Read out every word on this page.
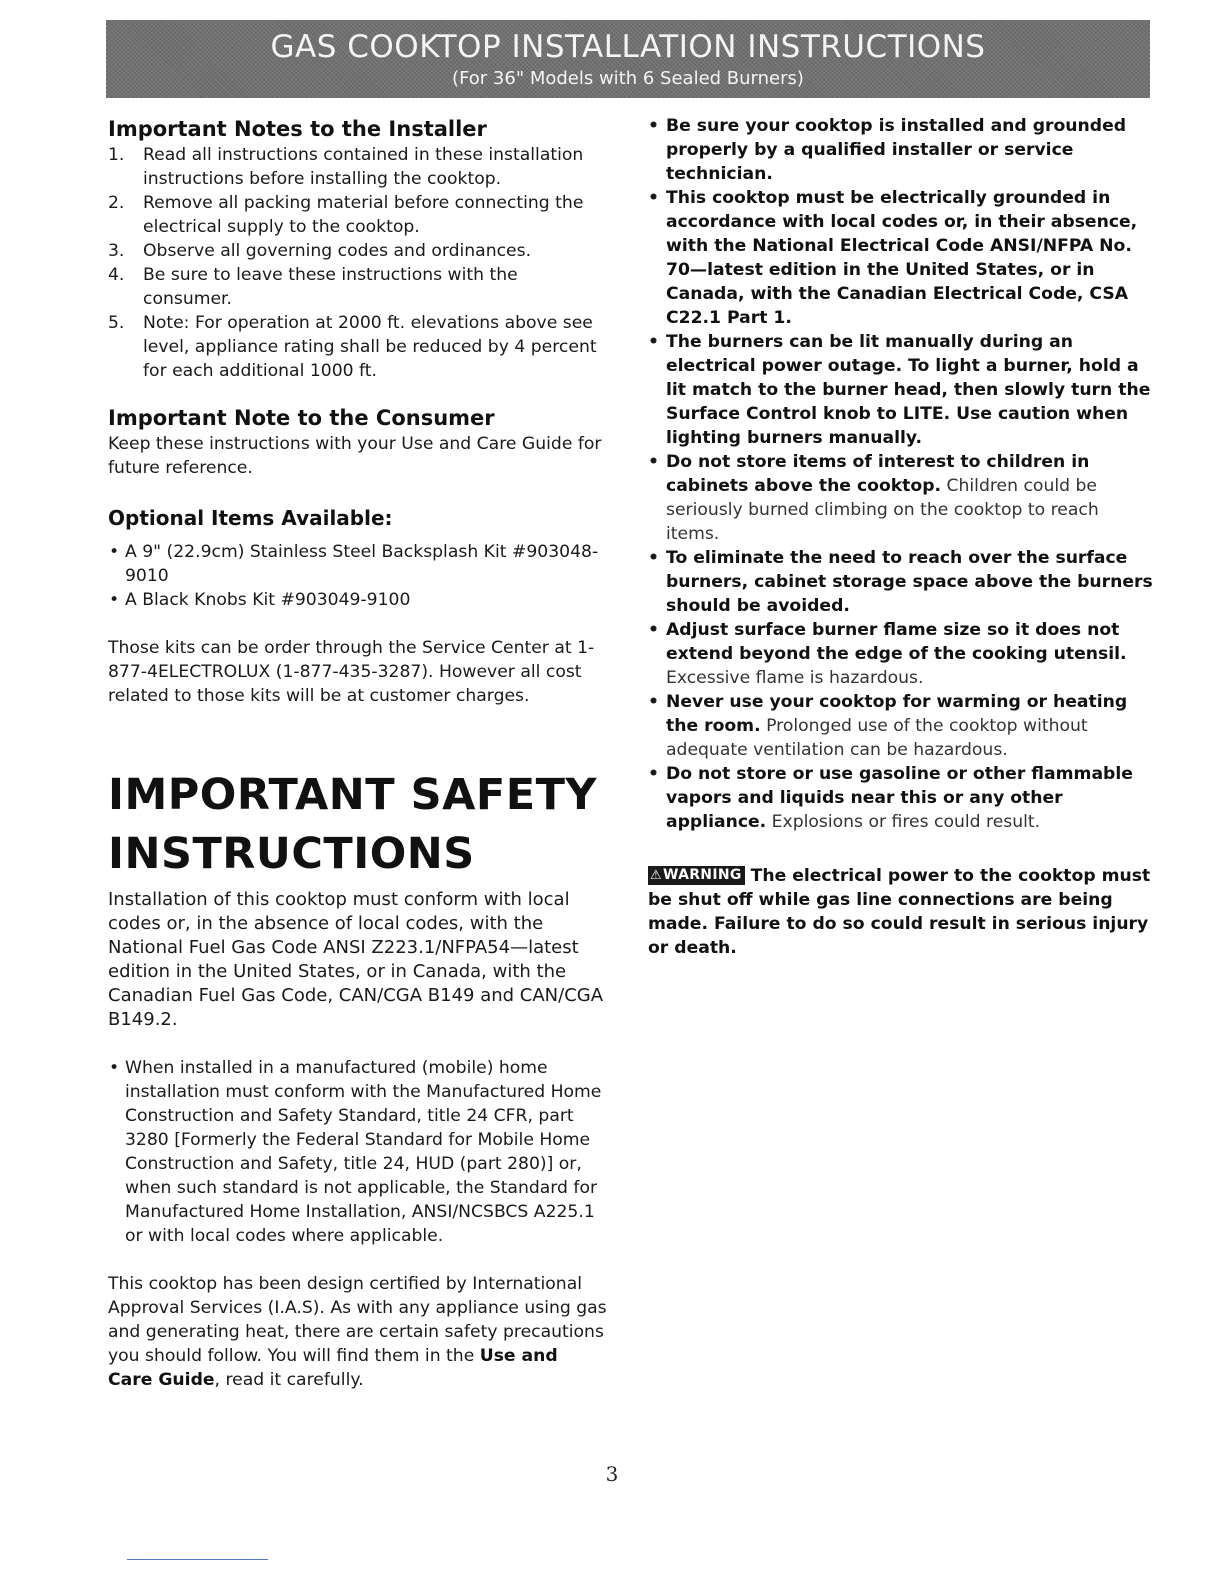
GAS COOKTOP INSTALLATION INSTRUCTIONS
(For 36" Models with 6 Sealed Burners)
Important Notes to the Installer
1. Read all instructions contained in these installation instructions before installing the cooktop.
2. Remove all packing material before connecting the electrical supply to the cooktop.
3. Observe all governing codes and ordinances.
4. Be sure to leave these instructions with the consumer.
5. Note: For operation at 2000 ft. elevations above see level, appliance rating shall be reduced by 4 percent for each additional 1000 ft.
Important Note to the Consumer

Keep these instructions with your Use and Care Guide for future reference.

Optional Items Available:
• A 9" (22.9cm) Stainless Steel Backsplash Kit #903048-9010
• A Black Knobs Kit #903049-9100

Those kits can be order through the Service Center at 1-877-4ELECTROLUX (1-877-435-3287). However all cost related to those kits will be at customer charges.

IMPORTANT SAFETY
INSTRUCTIONS

Installation of this cooktop must conform with local codes or, in the absence of local codes, with the National Fuel Gas Code ANSI Z223.1/NFPA54—latest edition in the United States, or in Canada, with the Canadian Fuel Gas Code, CAN/CGA B149 and CAN/CGA B149.2.

• When installed in a manufactured (mobile) home installation must conform with the Manufactured Home Construction and Safety Standard, title 24 CFR, part 3280 [Formerly the Federal Standard for Mobile Home Construction and Safety, title 24, HUD (part 280)] or, when such standard is not applicable, the Standard for Manufactured Home Installation, ANSI/NCSBCS A225.1 or with local codes where applicable.

This cooktop has been design certified by International Approval Services (I.A.S). As with any appliance using gas and generating heat, there are certain safety precautions you should follow. You will find them in the Use and Care Guide, read it carefully.

• Be sure your cooktop is installed and grounded properly by a qualified installer or service technician.
• This cooktop must be electrically grounded in accordance with local codes or, in their absence, with the National Electrical Code ANSI/NFPA No. 70—latest edition in the United States, or in Canada, with the Canadian Electrical Code, CSA C22.1 Part 1.
• The burners can be lit manually during an electrical power outage. To light a burner, hold a lit match to the burner head, then slowly turn the Surface Control knob to LITE. Use caution when lighting burners manually.
• Do not store items of interest to children in cabinets above the cooktop. Children could be seriously burned climbing on the cooktop to reach items.
• To eliminate the need to reach over the surface burners, cabinet storage space above the burners should be avoided.
• Adjust surface burner flame size so it does not extend beyond the edge of the cooking utensil. Excessive flame is hazardous.
• Never use your cooktop for warming or heating the room. Prolonged use of the cooktop without adequate ventilation can be hazardous.
• Do not store or use gasoline or other flammable vapors and liquids near this or any other appliance. Explosions or fires could result.

⚠WARNING The electrical power to the cooktop must be shut off while gas line connections are being made. Failure to do so could result in serious injury or death.

3
